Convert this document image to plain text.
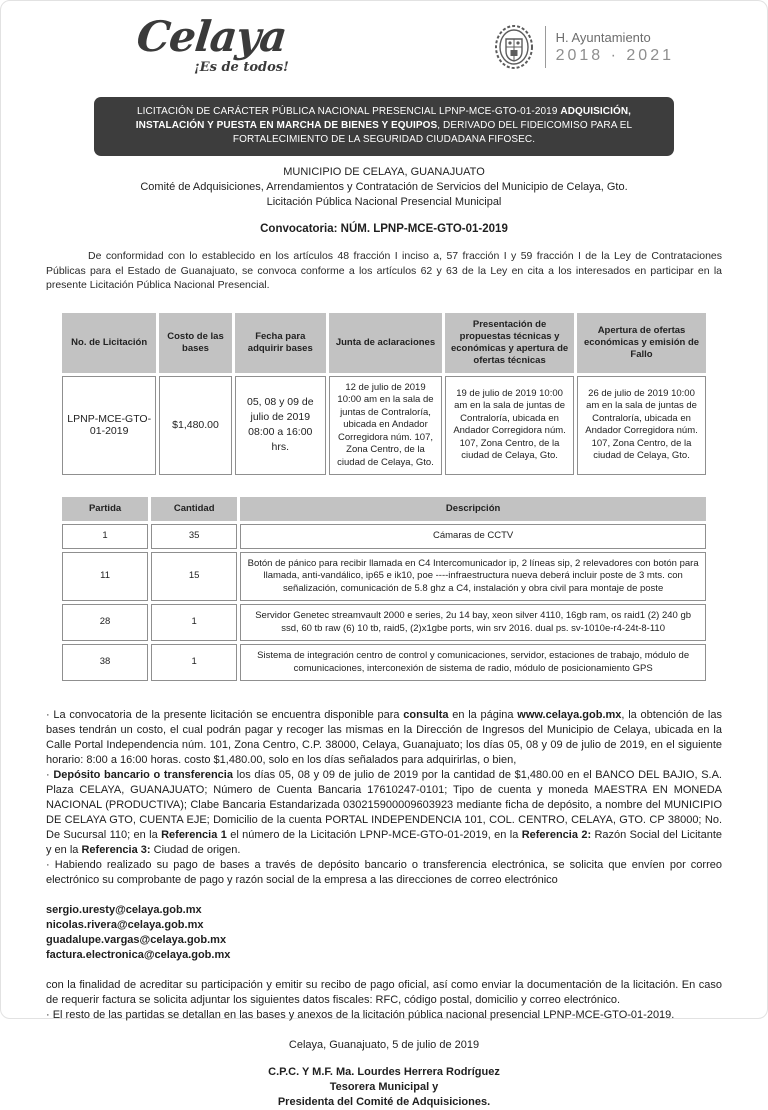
Celaya
¡Es de todos!
H. Ayuntamiento
2018 · 2021
LICITACIÓN DE CARÁCTER PÚBLICA NACIONAL PRESENCIAL LPNP-MCE-GTO-01-2019 ADQUISICIÓN, INSTALACIÓN Y PUESTA EN MARCHA DE BIENES Y EQUIPOS, DERIVADO DEL FIDEICOMISO PARA EL FORTALECIMIENTO DE LA SEGURIDAD CIUDADANA FIFOSEC.
MUNICIPIO DE CELAYA, GUANAJUATO
Comité de Adquisiciones, Arrendamientos y Contratación de Servicios del Municipio de Celaya, Gto.
Licitación Pública Nacional Presencial Municipal
Convocatoria: NÚM. LPNP-MCE-GTO-01-2019

De conformidad con lo establecido en los artículos 48 fracción I inciso a, 57 fracción I y 59 fracción I de la Ley de Contrataciones Públicas para el Estado de Guanajuato, se convoca conforme a los artículos 62 y 63 de la Ley en cita a los interesados en participar en la presente Licitación Pública Nacional Presencial.

No. de Licitación	Costo de las bases	Fecha para adquirir bases	Junta de aclaraciones	Presentación de propuestas técnicas y económicas y apertura de ofertas técnicas	Apertura de ofertas económicas y emisión de Fallo
LPNP-MCE-GTO-01-2019	$1,480.00	05, 08 y 09 de julio de 2019 08:00 a 16:00 hrs.	12 de julio de 2019 10:00 am en la sala de juntas de Contraloría, ubicada en Andador Corregidora núm. 107, Zona Centro, de la ciudad de Celaya, Gto.	19 de julio de 2019 10:00 am en la sala de juntas de Contraloría, ubicada en Andador Corregidora núm. 107, Zona Centro, de la ciudad de Celaya, Gto.	26 de julio de 2019 10:00 am en la sala de juntas de Contraloría, ubicada en Andador Corregidora núm. 107, Zona Centro, de la ciudad de Celaya, Gto.
Partida	Cantidad	Descripción
1	35	Cámaras de CCTV
11	15	Botón de pánico para recibir llamada en C4 Intercomunicador ip, 2 líneas sip, 2 relevadores con botón para llamada, anti-vandálico, ip65 e ik10, poe ----infraestructura nueva deberá incluir poste de 3 mts. con señalización, comunicación de 5.8 ghz a C4, instalación y obra civil para montaje de poste
28	1	Servidor Genetec streamvault 2000 e series, 2u 14 bay, xeon silver 4110, 16gb ram, os raid1 (2) 240 gb ssd, 60 tb raw (6) 10 tb, raid5, (2)x1gbe ports, win srv 2016. dual ps. sv-1010e-r4-24t-8-110
38	1	Sistema de integración centro de control y comunicaciones, servidor, estaciones de trabajo, módulo de comunicaciones, interconexión de sistema de radio, módulo de posicionamiento GPS

· La convocatoria de la presente licitación se encuentra disponible para consulta en la página www.celaya.gob.mx, la obtención de las bases tendrán un costo, el cual podrán pagar y recoger las mismas en la Dirección de Ingresos del Municipio de Celaya, ubicada en la Calle Portal Independencia núm. 101, Zona Centro, C.P. 38000, Celaya, Guanajuato; los días 05, 08 y 09 de julio de 2019, en el siguiente horario: 8:00 a 16:00 horas. costo $1,480.00, solo en los días señalados para adquirirlas, o bien,

· Depósito bancario o transferencia los días 05, 08 y 09 de julio de 2019 por la cantidad de $1,480.00 en el BANCO DEL BAJIO, S.A. Plaza CELAYA, GUANAJUATO; Número de Cuenta Bancaria 17610247-0101; Tipo de cuenta y moneda MAESTRA EN MONEDA NACIONAL (PRODUCTIVA); Clabe Bancaria Estandarizada 030215900009603923 mediante ficha de depósito, a nombre del MUNICIPIO DE CELAYA GTO, CUENTA EJE; Domicilio de la cuenta PORTAL INDEPENDENCIA 101, COL. CENTRO, CELAYA, GTO. CP 38000; No. De Sucursal 110; en la Referencia 1 el número de la Licitación LPNP-MCE-GTO-01-2019, en la Referencia 2: Razón Social del Licitante y en la Referencia 3: Ciudad de origen.

· Habiendo realizado su pago de bases a través de depósito bancario o transferencia electrónica, se solicita que envíen por correo electrónico su comprobante de pago y razón social de la empresa a las direcciones de correo electrónico

sergio.uresty@celaya.gob.mx
nicolas.rivera@celaya.gob.mx
guadalupe.vargas@celaya.gob.mx
factura.electronica@celaya.gob.mx

con la finalidad de acreditar su participación y emitir su recibo de pago oficial, así como enviar la documentación de la licitación. En caso de requerir factura se solicita adjuntar los siguientes datos fiscales: RFC, código postal, domicilio y correo electrónico.

· El resto de las partidas se detallan en las bases y anexos de la licitación pública nacional presencial LPNP-MCE-GTO-01-2019.

Celaya, Guanajuato, 5 de julio de 2019
C.P.C. Y M.F. Ma. Lourdes Herrera Rodríguez
Tesorera Municipal y
Presidenta del Comité de Adquisiciones.
